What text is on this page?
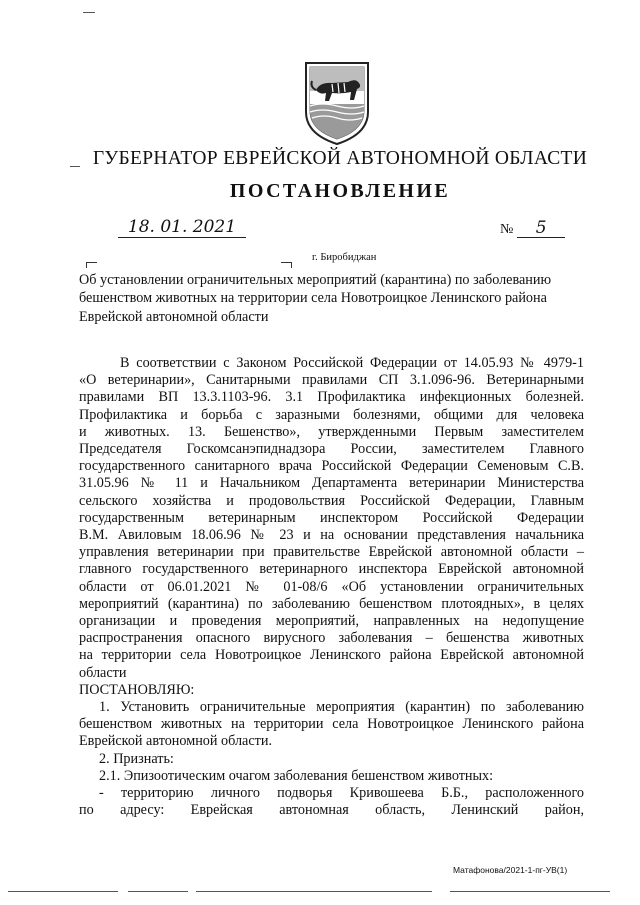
ГУБЕРНАТОР ЕВРЕЙСКОЙ АВТОНОМНОЙ ОБЛАСТИ
ПОСТАНОВЛЕНИЕ
18. 01. 2021	№ 5
г. Биробиджан
Об установлении ограничительных мероприятий (карантина) по заболеванию
бешенством животных на территории села Новотроицкое Ленинского района
Еврейской автономной области

В соответствии с Законом Российской Федерации от 14.05.93 № 4979-1

«О ветеринарии», Санитарными правилами СП 3.1.096-96. Ветеринарными

правилами ВП 13.3.1103-96. 3.1 Профилактика инфекционных болезней.

Профилактика и борьба с заразными болезнями, общими для человека

и животных. 13. Бешенство», утвержденными Первым заместителем

Председателя Госкомсанэпиднадзора России, заместителем Главного

государственного санитарного врача Российской Федерации Семеновым С.В.

31.05.96 № 11 и Начальником Департамента ветеринарии Министерства

сельского хозяйства и продовольствия Российской Федерации, Главным

государственным ветеринарным инспектором Российской Федерации

В.М. Авиловым 18.06.96 № 23 и на основании представления начальника

управления ветеринарии при правительстве Еврейской автономной области –

главного государственного ветеринарного инспектора Еврейской автономной

области от 06.01.2021 № 01-08/6 «Об установлении ограничительных

мероприятий (карантина) по заболеванию бешенством плотоядных», в целях

организации и проведения мероприятий, направленных на недопущение

распространения опасного вирусного заболевания – бешенства животных

на территории села Новотроицкое Ленинского района Еврейской автономной

области

ПОСТАНОВЛЯЮ:

1. Установить ограничительные мероприятия (карантин) по заболеванию

бешенством животных на территории села Новотроицкое Ленинского района

Еврейской автономной области.

2. Признать:

2.1. Эпизоотическим очагом заболевания бешенством животных:

- территорию личного подворья Кривошеева Б.Б., расположенного

по адресу: Еврейская автономная область, Ленинский район,

Матафонова/2021-1-пг-УВ(1)
